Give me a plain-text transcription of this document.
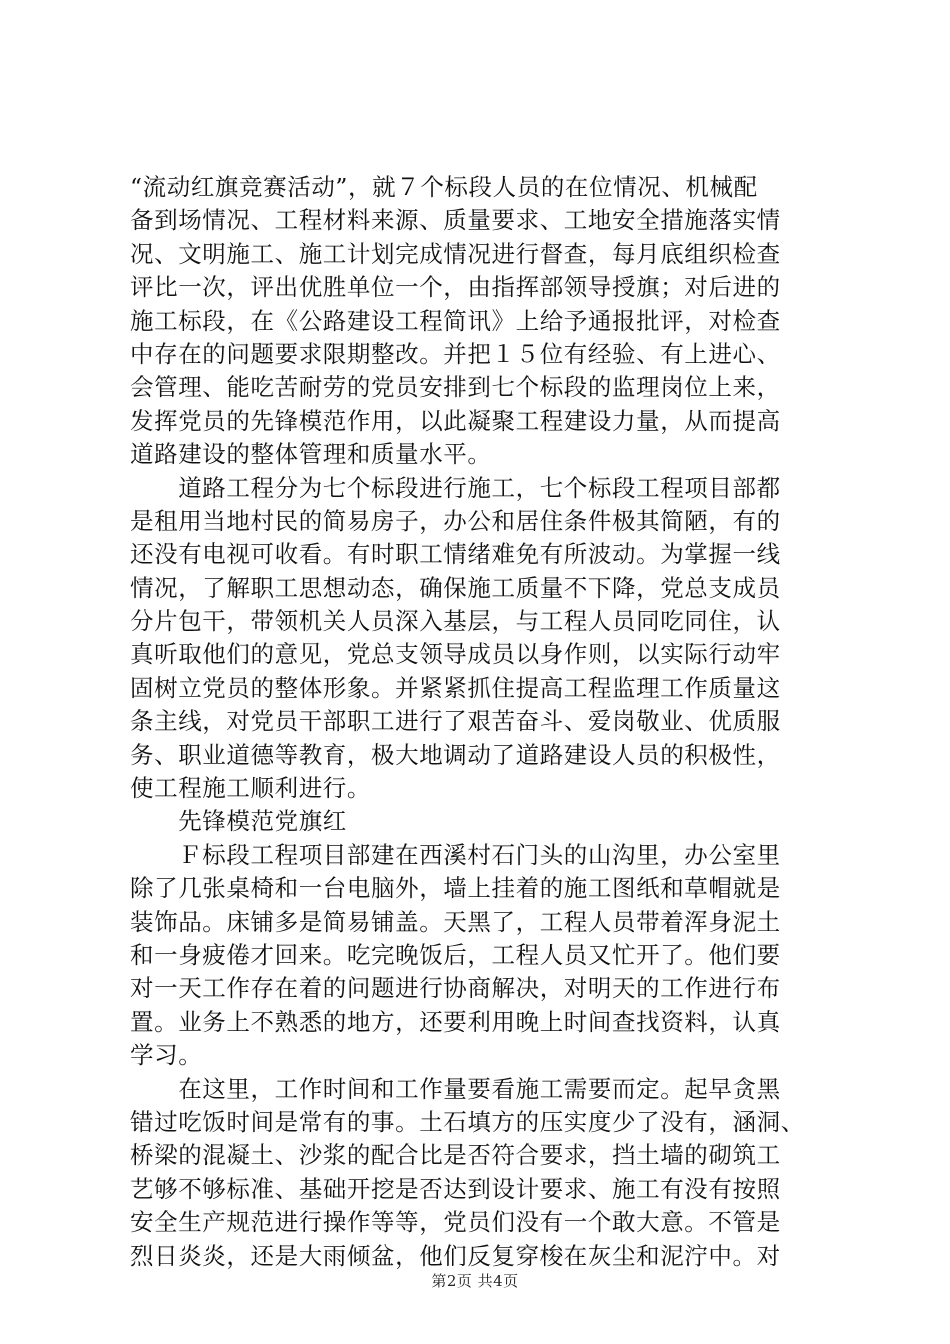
“流动红旗竞赛活动”，就７个标段人员的在位情况、机械配
备到场情况、工程材料来源、质量要求、工地安全措施落实情
况、文明施工、施工计划完成情况进行督查，每月底组织检查
评比一次，评出优胜单位一个，由指挥部领导授旗；对后进的
施工标段，在《公路建设工程简讯》上给予通报批评，对检查
中存在的问题要求限期整改。并把１５位有经验、有上进心、
会管理、能吃苦耐劳的党员安排到七个标段的监理岗位上来，
发挥党员的先锋模范作用，以此凝聚工程建设力量，从而提高
道路建设的整体管理和质量水平。
　　道路工程分为七个标段进行施工，七个标段工程项目部都
是租用当地村民的简易房子，办公和居住条件极其简陋，有的
还没有电视可收看。有时职工情绪难免有所波动。为掌握一线
情况，了解职工思想动态，确保施工质量不下降，党总支成员
分片包干，带领机关人员深入基层，与工程人员同吃同住，认
真听取他们的意见，党总支领导成员以身作则，以实际行动牢
固树立党员的整体形象。并紧紧抓住提高工程监理工作质量这
条主线，对党员干部职工进行了艰苦奋斗、爱岗敬业、优质服
务、职业道德等教育，极大地调动了道路建设人员的积极性，
使工程施工顺利进行。
　　先锋模范党旗红
　　Ｆ标段工程项目部建在西溪村石门头的山沟里，办公室里
除了几张桌椅和一台电脑外，墙上挂着的施工图纸和草帽就是
装饰品。床铺多是简易铺盖。天黑了，工程人员带着浑身泥土
和一身疲倦才回来。吃完晚饭后，工程人员又忙开了。他们要
对一天工作存在着的问题进行协商解决，对明天的工作进行布
置。业务上不熟悉的地方，还要利用晚上时间查找资料，认真
学习。
　　在这里，工作时间和工作量要看施工需要而定。起早贪黑
错过吃饭时间是常有的事。土石填方的压实度少了没有，涵洞、
桥梁的混凝土、沙浆的配合比是否符合要求，挡土墙的砌筑工
艺够不够标准、基础开挖是否达到设计要求、施工有没有按照
安全生产规范进行操作等等，党员们没有一个敢大意。不管是
烈日炎炎，还是大雨倾盆，他们反复穿梭在灰尘和泥泞中。对
第2页 共4页
